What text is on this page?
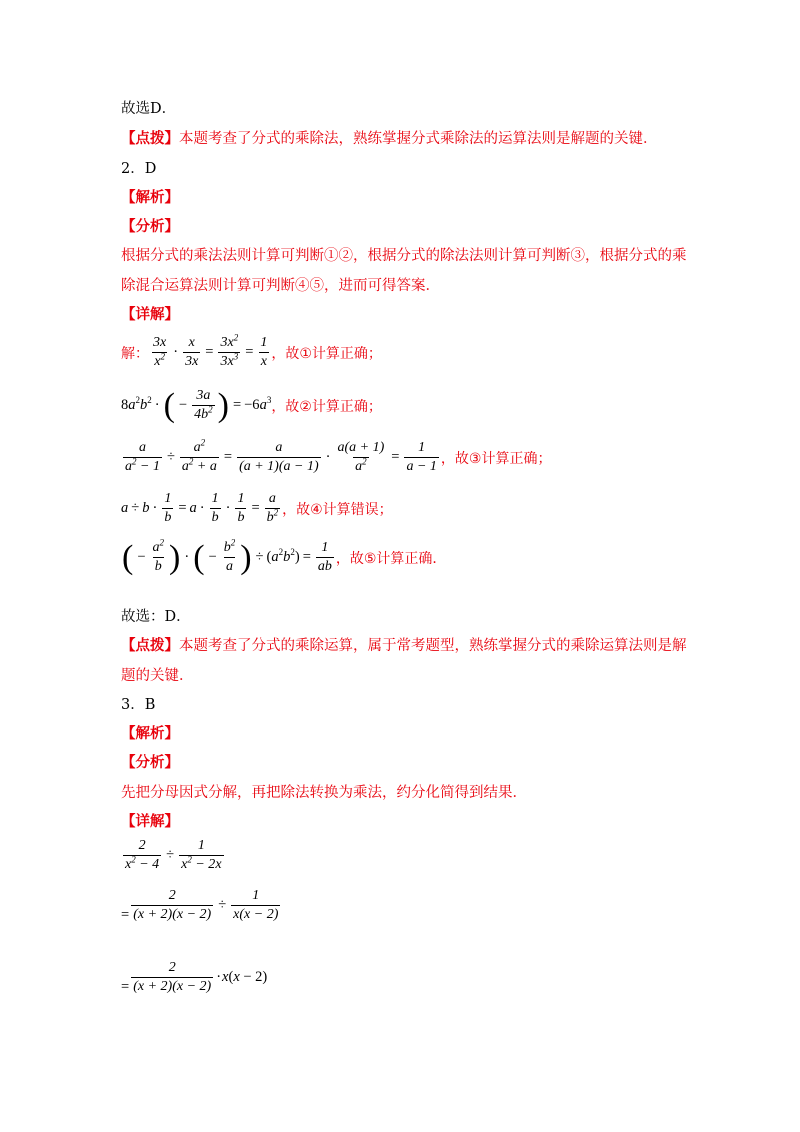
故选D．
【点拨】本题考查了分式的乘除法，熟练掌握分式乘除法的运算法则是解题的关键．
2．D
【解析】
【分析】
根据分式的乘法法则计算可判断①②，根据分式的除法法则计算可判断③，根据分式的乘
除混合运算法则计算可判断④⑤，进而可得答案．
【详解】
解： $\frac{3x}{x^2} \cdot \frac{x}{3x} = \frac{3x^2}{3x^3} = \frac{1}{x}$ ，故①计算正确；
$8a^2b^2$ · ( − $\frac{3a}{4b^2}$ ) = $-6a^3$ ，故②计算正确；
$\frac{a}{a^2 - 1} \div \frac{a^2}{a^2 + a} = \frac{a}{(a + 1)(a - 1)} \cdot \frac{a(a + 1)}{a^2} = \frac{1}{a - 1}$ ，故③计算正确；
$a \div b \cdot \frac{1}{b} = a \cdot \frac{1}{b} \cdot \frac{1}{b} = \frac{a}{b^2}$ ，故④计算错误；
( − $\frac{a^2}{b}$ ) · ( − $\frac{b^2}{a}$ ) ÷ $(a^2b^2) = \frac{1}{ab}$ ，故⑤计算正确．
故选：D．
【点拨】本题考查了分式的乘除运算，属于常考题型，熟练掌握分式的乘除运算法则是解
题的关键．
3．B
【解析】
【分析】
先把分母因式分解，再把除法转换为乘法，约分化简得到结果．
【详解】
$\frac{2}{x^2 - 4} \div \frac{1}{x^2 - 2x}$
= $\frac{2}{(x + 2)(x - 2)} \div \frac{1}{x(x - 2)}$
= $\frac{2}{(x + 2)(x - 2)} \cdot x(x - 2)$
